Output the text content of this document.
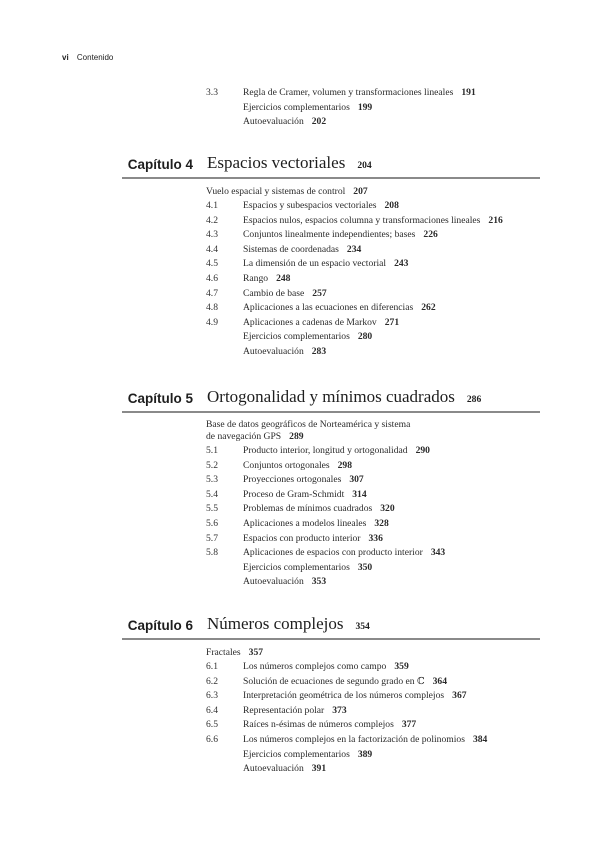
vi Contenido
3.3	Regla de Cramer, volumen y transformaciones lineales 191
Ejercicios complementarios 199
Autoevaluación 202
Capítulo 4 Espacios vectoriales 204
Vuelo espacial y sistemas de control 207
4.1	Espacios y subespacios vectoriales 208
4.2	Espacios nulos, espacios columna y transformaciones lineales 216
4.3	Conjuntos linealmente independientes; bases 226
4.4	Sistemas de coordenadas 234
4.5	La dimensión de un espacio vectorial 243
4.6	Rango 248
4.7	Cambio de base 257
4.8	Aplicaciones a las ecuaciones en diferencias 262
4.9	Aplicaciones a cadenas de Markov 271
Ejercicios complementarios 280
Autoevaluación 283
Capítulo 5 Ortogonalidad y mínimos cuadrados 286
Base de datos geográficos de Norteamérica y sistema
de navegación GPS 289
5.1	Producto interior, longitud y ortogonalidad 290
5.2	Conjuntos ortogonales 298
5.3	Proyecciones ortogonales 307
5.4	Proceso de Gram-Schmidt 314
5.5	Problemas de mínimos cuadrados 320
5.6	Aplicaciones a modelos lineales 328
5.7	Espacios con producto interior 336
5.8	Aplicaciones de espacios con producto interior 343
Ejercicios complementarios 350
Autoevaluación 353
Capítulo 6 Números complejos 354
Fractales 357
6.1	Los números complejos como campo 359
6.2	Solución de ecuaciones de segundo grado en ℂ 364
6.3	Interpretación geométrica de los números complejos 367
6.4	Representación polar 373
6.5	Raíces n-ésimas de números complejos 377
6.6	Los números complejos en la factorización de polinomios 384
Ejercicios complementarios 389
Autoevaluación 391
